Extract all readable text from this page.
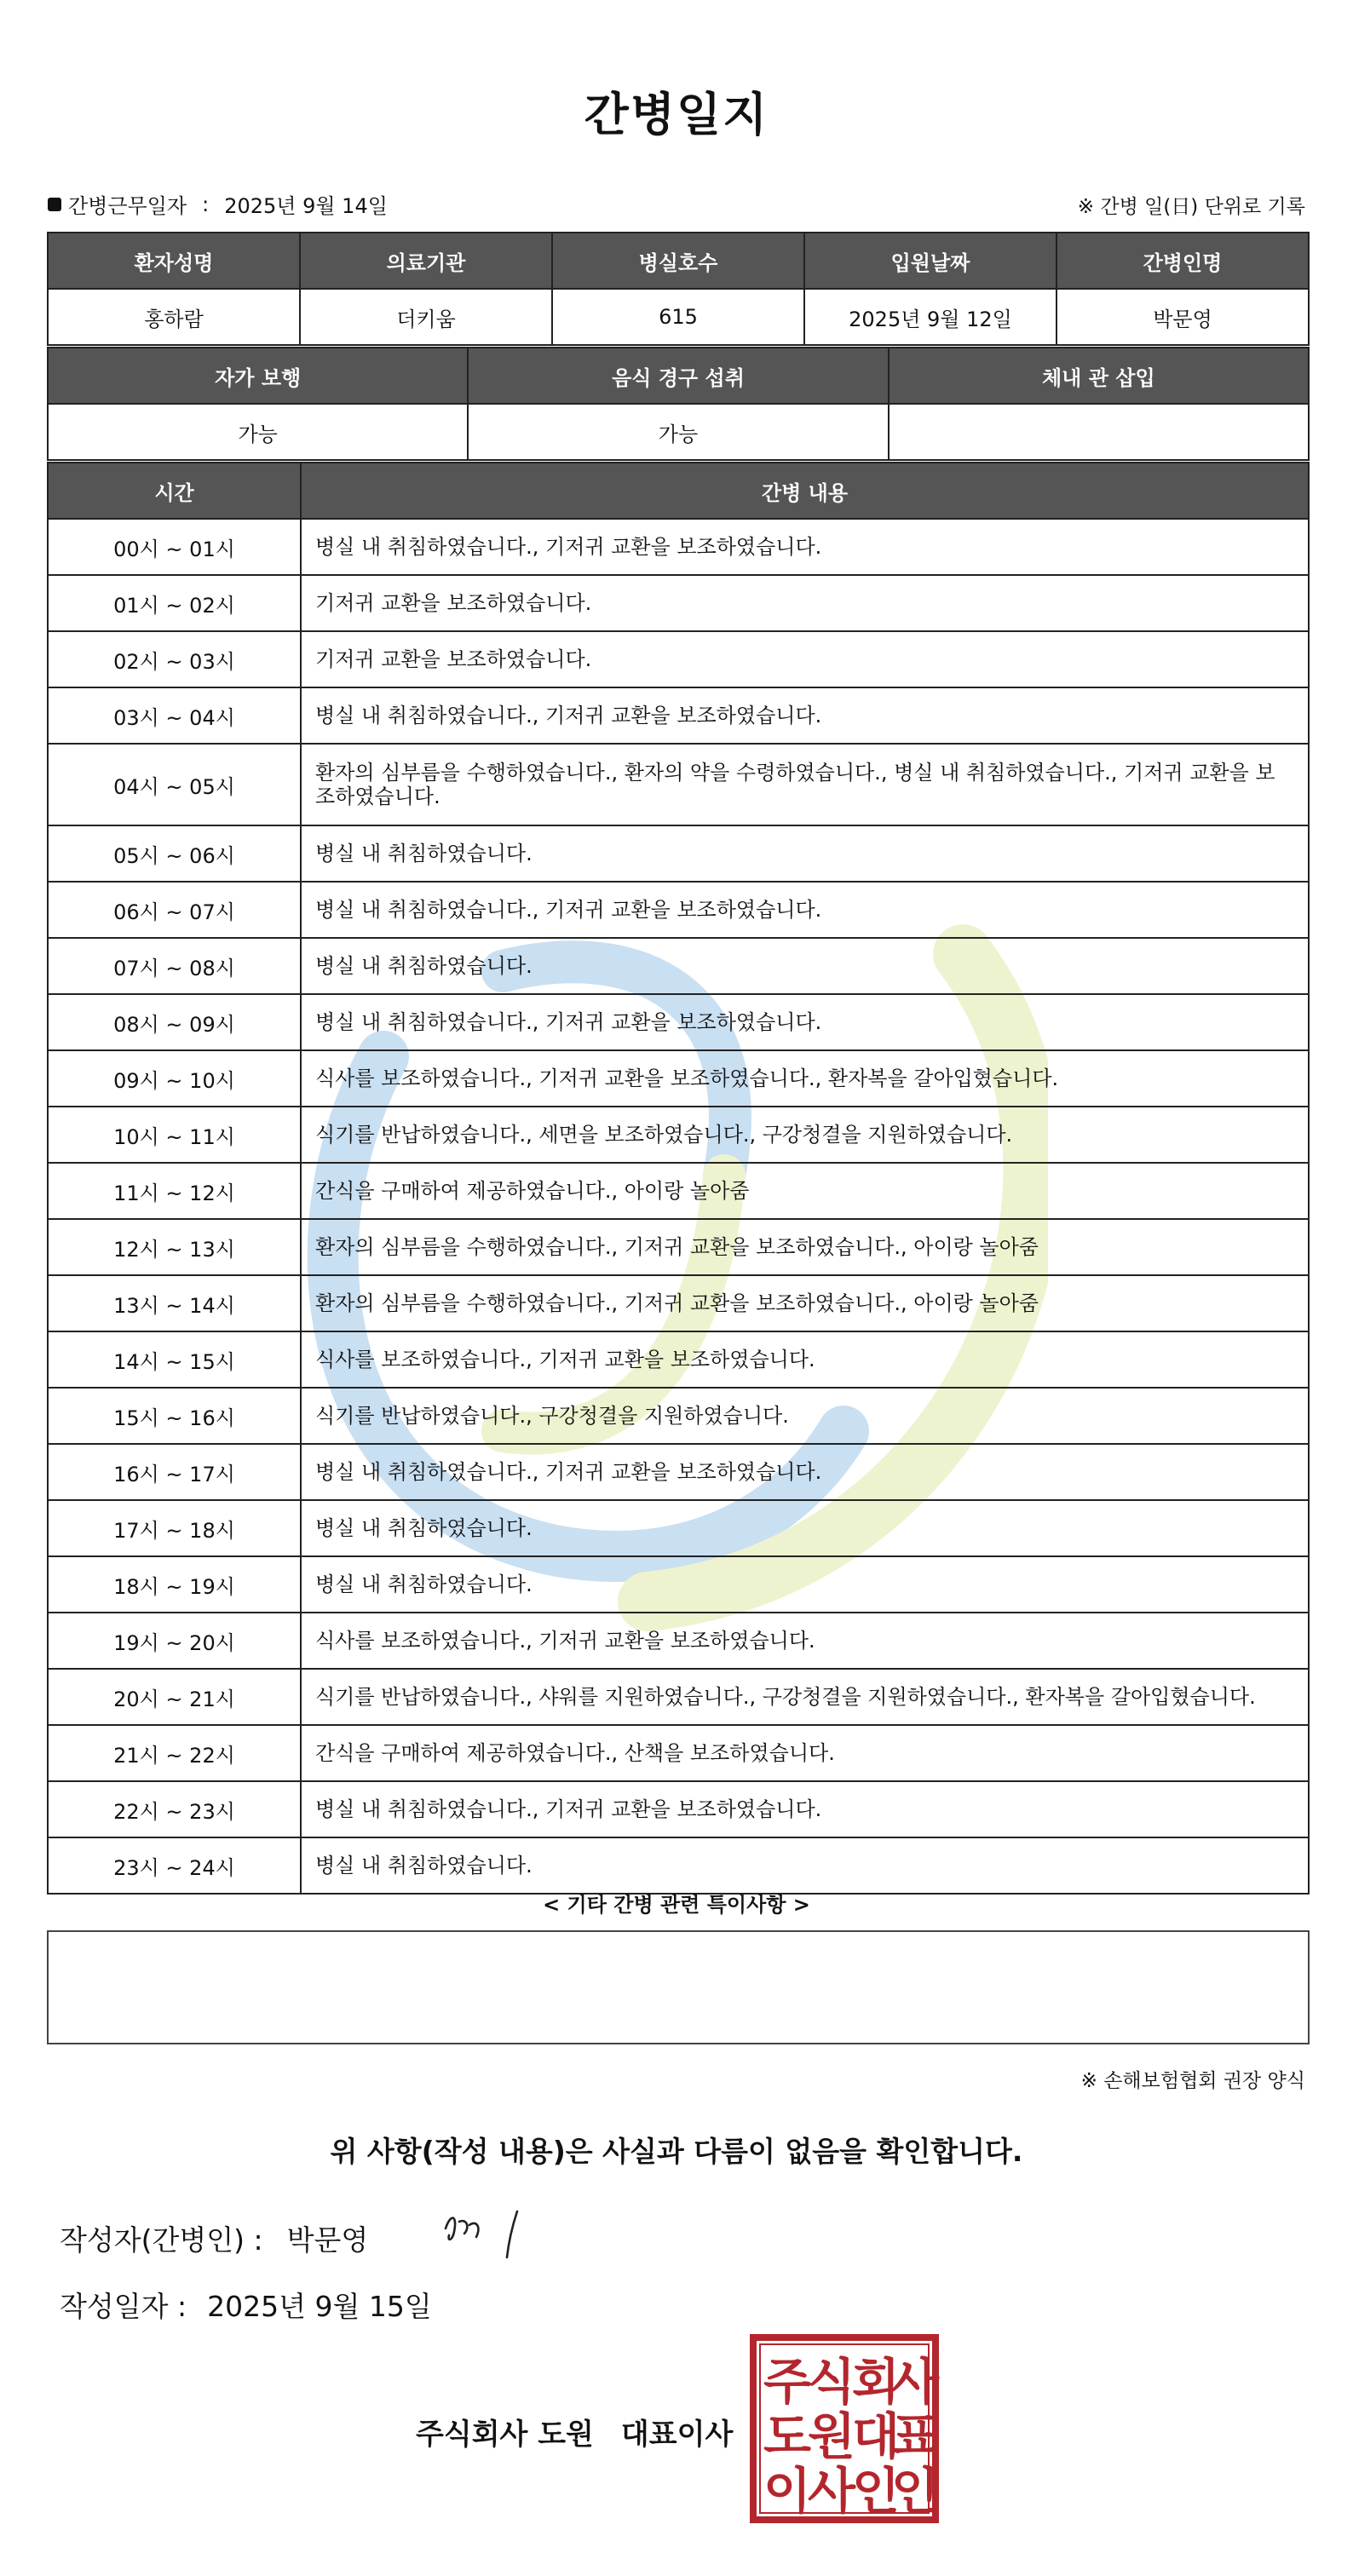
간병일지
간병근무일자 : 2025년 9월 14일	※ 간병 일(日) 단위로 기록
환자성명	의료기관	병실호수	입원날짜	간병인명
홍하람	더키움	615	2025년 9월 12일	박문영
자가 보행	음식 경구 섭취	체내 관 삽입
가능	가능	
시간	간병 내용
00시 ~ 01시	병실 내 취침하였습니다., 기저귀 교환을 보조하였습니다.
01시 ~ 02시	기저귀 교환을 보조하였습니다.
02시 ~ 03시	기저귀 교환을 보조하였습니다.
03시 ~ 04시	병실 내 취침하였습니다., 기저귀 교환을 보조하였습니다.
04시 ~ 05시	환자의 심부름을 수행하였습니다., 환자의 약을 수령하였습니다., 병실 내 취침하였습니다., 기저귀 교환을 보조하였습니다.
05시 ~ 06시	병실 내 취침하였습니다.
06시 ~ 07시	병실 내 취침하였습니다., 기저귀 교환을 보조하였습니다.
07시 ~ 08시	병실 내 취침하였습니다.
08시 ~ 09시	병실 내 취침하였습니다., 기저귀 교환을 보조하였습니다.
09시 ~ 10시	식사를 보조하였습니다., 기저귀 교환을 보조하였습니다., 환자복을 갈아입혔습니다.
10시 ~ 11시	식기를 반납하였습니다., 세면을 보조하였습니다., 구강청결을 지원하였습니다.
11시 ~ 12시	간식을 구매하여 제공하였습니다., 아이랑 놀아줌
12시 ~ 13시	환자의 심부름을 수행하였습니다., 기저귀 교환을 보조하였습니다., 아이랑 놀아줌
13시 ~ 14시	환자의 심부름을 수행하였습니다., 기저귀 교환을 보조하였습니다., 아이랑 놀아줌
14시 ~ 15시	식사를 보조하였습니다., 기저귀 교환을 보조하였습니다.
15시 ~ 16시	식기를 반납하였습니다., 구강청결을 지원하였습니다.
16시 ~ 17시	병실 내 취침하였습니다., 기저귀 교환을 보조하였습니다.
17시 ~ 18시	병실 내 취침하였습니다.
18시 ~ 19시	병실 내 취침하였습니다.
19시 ~ 20시	식사를 보조하였습니다., 기저귀 교환을 보조하였습니다.
20시 ~ 21시	식기를 반납하였습니다., 샤워를 지원하였습니다., 구강청결을 지원하였습니다., 환자복을 갈아입혔습니다.
21시 ~ 22시	간식을 구매하여 제공하였습니다., 산책을 보조하였습니다.
22시 ~ 23시	병실 내 취침하였습니다., 기저귀 교환을 보조하였습니다.
23시 ~ 24시	병실 내 취침하였습니다.
< 기타 간병 관련 특이사항 >
※ 손해보험협회 권장 양식
위 사항(작성 내용)은 사실과 다름이 없음을 확인합니다.
작성자(간병인) : 박문영
작성일자 : 2025년 9월 15일
주식회사 도원 대표이사
주
식
회
사
도
원
대
표
이
사
인
인
